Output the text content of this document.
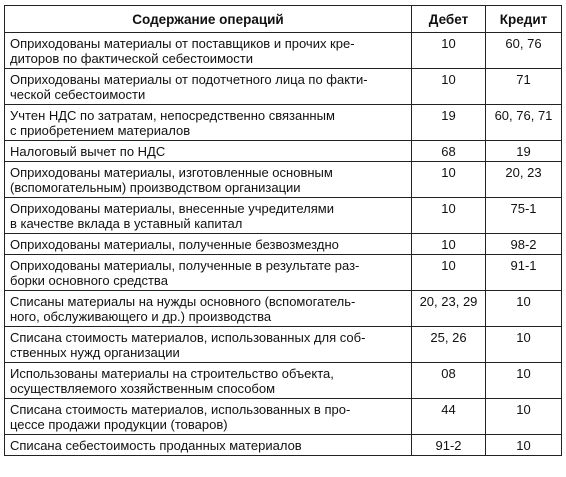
Содержание операций	Дебет	Кредит

Оприходованы материалы от поставщиков и прочих кре-
диторов по фактической себестоимости	10	60, 76

Оприходованы материалы от подотчетного лица по факти-
ческой себестоимости	10	71

Учтен НДС по затратам, непосредственно связанным
с приобретением материалов	19	60, 76, 71

Налоговый вычет по НДС	68	19

Оприходованы материалы, изготовленные основным
(вспомогательным) производством организации	10	20, 23

Оприходованы материалы, внесенные учредителями
в качестве вклада в уставный капитал	10	75-1

Оприходованы материалы, полученные безвозмездно	10	98-2

Оприходованы материалы, полученные в результате раз-
борки основного средства	10	91-1

Списаны материалы на нужды основного (вспомогатель-
ного, обслуживающего и др.) производства	20, 23, 29	10

Списана стоимость материалов, использованных для соб-
ственных нужд организации	25, 26	10

Использованы материалы на строительство объекта,
осуществляемого хозяйственным способом	08	10

Списана стоимость материалов, использованных в про-
цессе продажи продукции (товаров)	44	10

Списана себестоимость проданных материалов	91-2	10
